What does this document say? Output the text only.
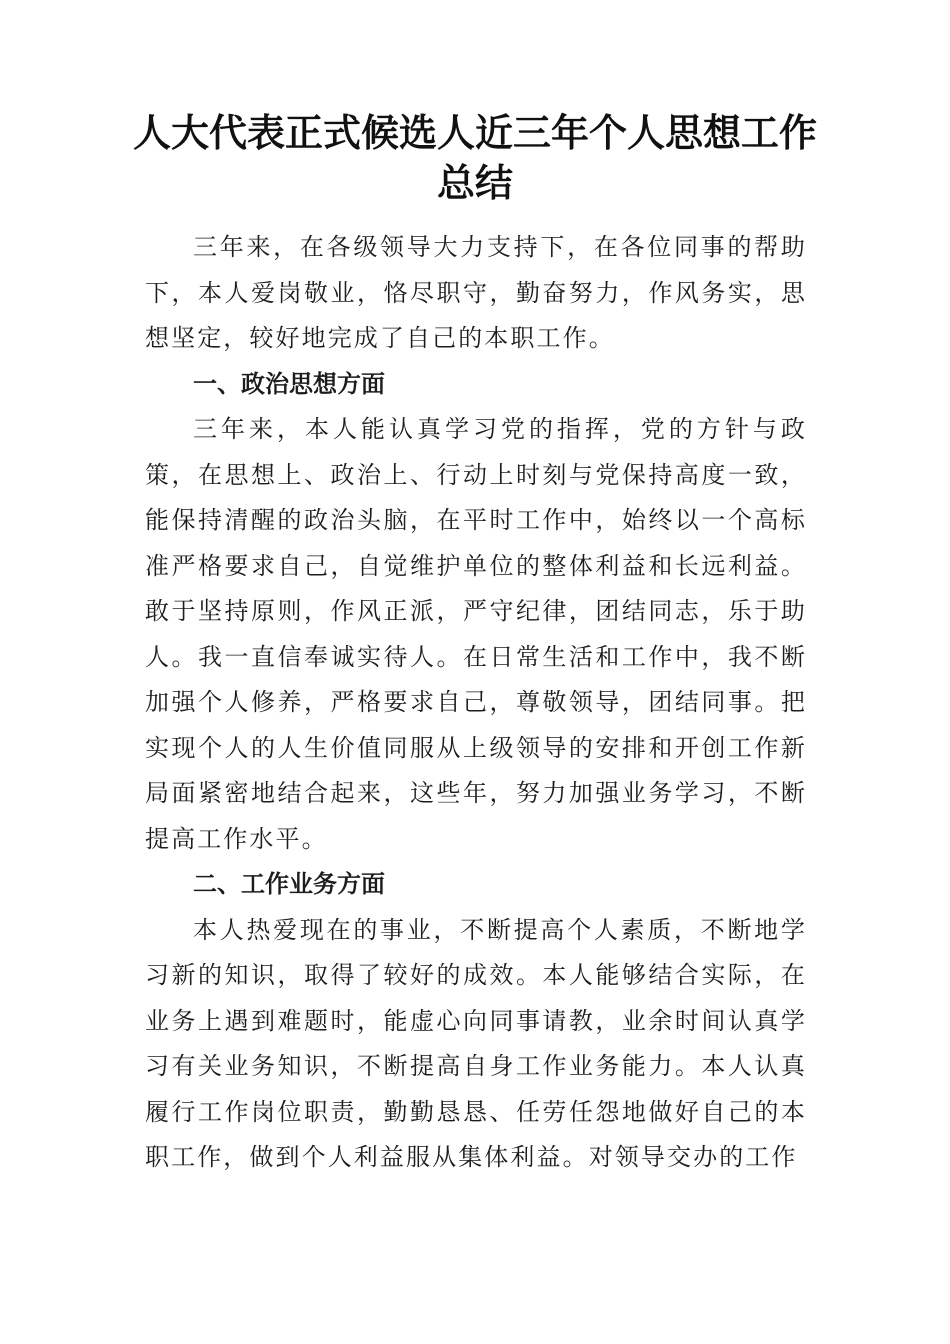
人大代表正式候选人近三年个人思想工作
总结

三年来，在各级领导大力支持下，在各位同事的帮助下，本人爱岗敬业，恪尽职守，勤奋努力，作风务实，思想坚定，较好地完成了自己的本职工作。

一、政治思想方面

三年来，本人能认真学习党的指挥，党的方针与政策，在思想上、政治上、行动上时刻与党保持高度一致，能保持清醒的政治头脑，在平时工作中，始终以一个高标准严格要求自己，自觉维护单位的整体利益和长远利益。敢于坚持原则，作风正派，严守纪律，团结同志，乐于助人。我一直信奉诚实待人。在日常生活和工作中，我不断加强个人修养，严格要求自己，尊敬领导，团结同事。把实现个人的人生价值同服从上级领导的安排和开创工作新局面紧密地结合起来，这些年，努力加强业务学习，不断提高工作水平。

二、工作业务方面

本人热爱现在的事业，不断提高个人素质，不断地学习新的知识，取得了较好的成效。本人能够结合实际，在业务上遇到难题时，能虚心向同事请教，业余时间认真学习有关业务知识，不断提高自身工作业务能力。本人认真履行工作岗位职责，勤勤恳恳、任劳任怨地做好自己的本职工作，做到个人利益服从集体利益。对领导交办的工作
